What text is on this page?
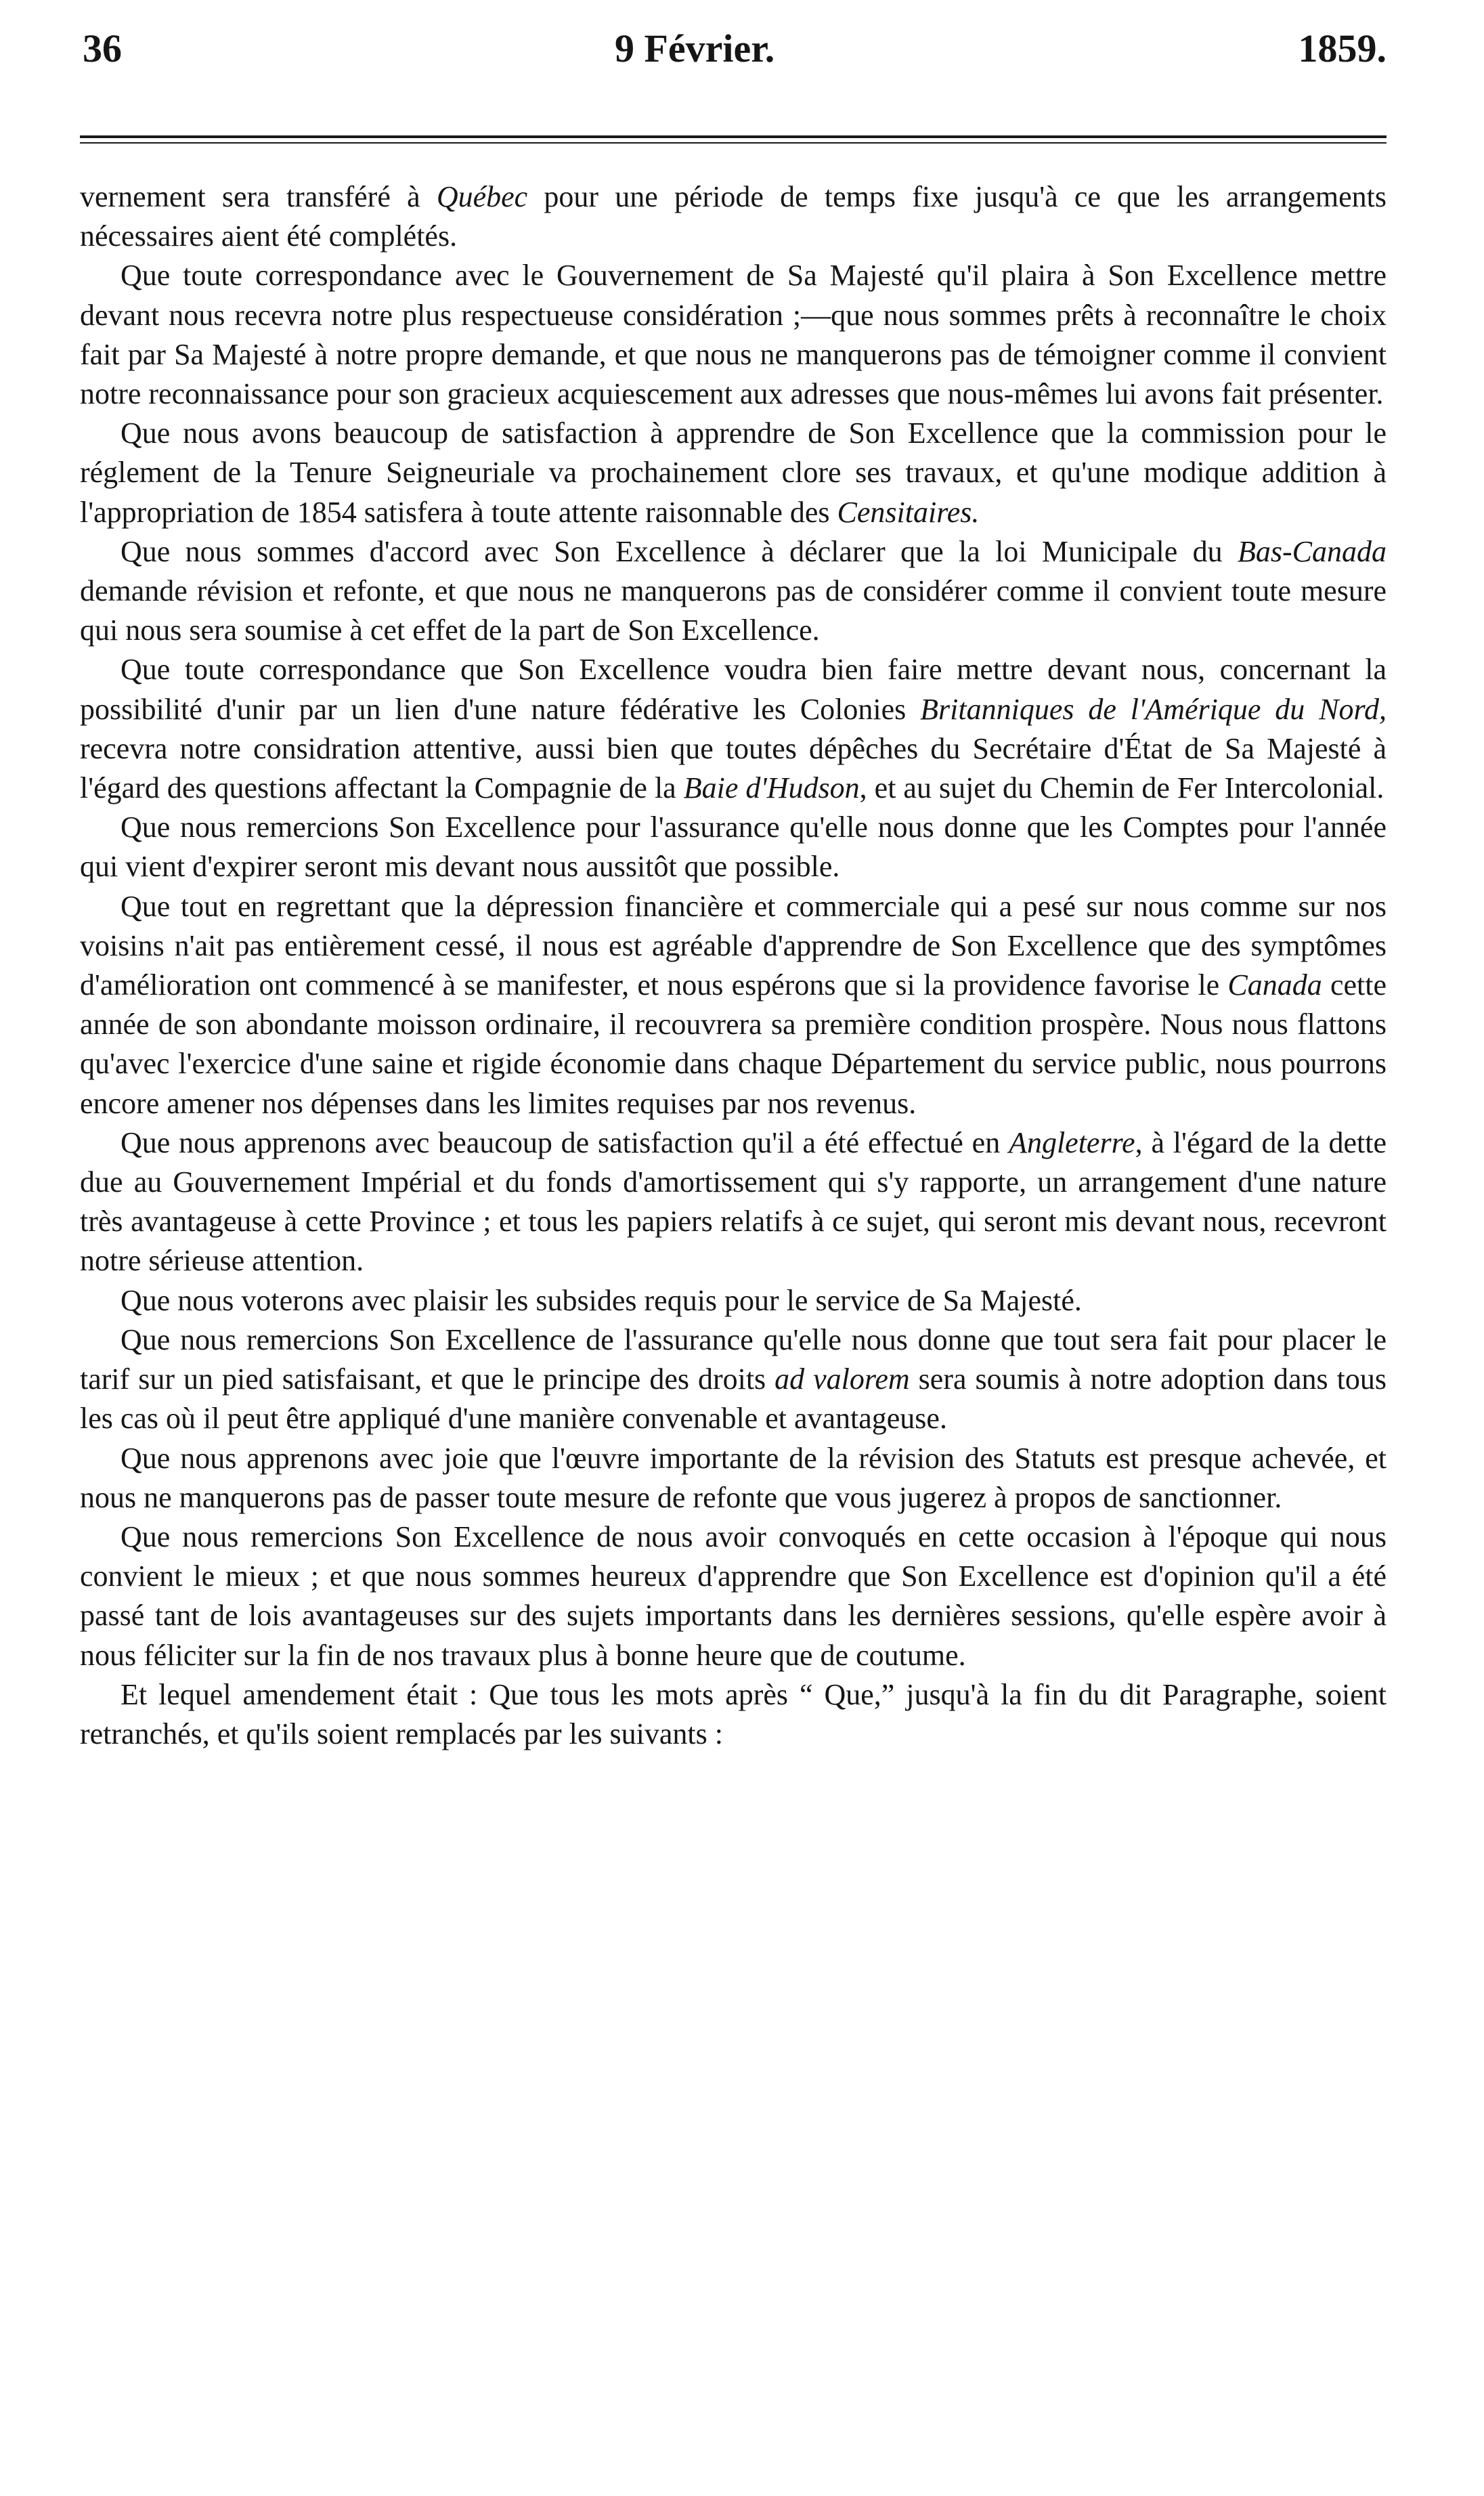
36	9 Février.	1859.

vernement sera transféré à Québec pour une période de temps fixe jusqu'à ce que les arrangements nécessaires aient été complétés.

Que toute correspondance avec le Gouvernement de Sa Majesté qu'il plaira à Son Excellence mettre devant nous recevra notre plus respectueuse considération ;—que nous sommes prêts à reconnaître le choix fait par Sa Majesté à notre propre demande, et que nous ne manquerons pas de témoigner comme il convient notre reconnaissance pour son gracieux acquiescement aux adresses que nous-mêmes lui avons fait présenter.

Que nous avons beaucoup de satisfaction à apprendre de Son Excellence que la commission pour le réglement de la Tenure Seigneuriale va prochainement clore ses travaux, et qu'une modique addition à l'appropriation de 1854 satisfera à toute attente raisonnable des Censitaires.

Que nous sommes d'accord avec Son Excellence à déclarer que la loi Municipale du Bas-Canada demande révision et refonte, et que nous ne manquerons pas de considérer comme il convient toute mesure qui nous sera soumise à cet effet de la part de Son Excellence.

Que toute correspondance que Son Excellence voudra bien faire mettre devant nous, concernant la possibilité d'unir par un lien d'une nature fédérative les Colonies Britanniques de l'Amérique du Nord, recevra notre considration attentive, aussi bien que toutes dépêches du Secrétaire d'État de Sa Majesté à l'égard des questions affectant la Compagnie de la Baie d'Hudson, et au sujet du Chemin de Fer Intercolonial.

Que nous remercions Son Excellence pour l'assurance qu'elle nous donne que les Comptes pour l'année qui vient d'expirer seront mis devant nous aussitôt que possible.

Que tout en regrettant que la dépression financière et commerciale qui a pesé sur nous comme sur nos voisins n'ait pas entièrement cessé, il nous est agréable d'apprendre de Son Excellence que des symptômes d'amélioration ont commencé à se manifester, et nous espérons que si la providence favorise le Canada cette année de son abondante moisson ordinaire, il recouvrera sa première condition prospère. Nous nous flattons qu'avec l'exercice d'une saine et rigide économie dans chaque Département du service public, nous pourrons encore amener nos dépenses dans les limites requises par nos revenus.

Que nous apprenons avec beaucoup de satisfaction qu'il a été effectué en Angleterre, à l'égard de la dette due au Gouvernement Impérial et du fonds d'amortissement qui s'y rapporte, un arrangement d'une nature très avantageuse à cette Province ; et tous les papiers relatifs à ce sujet, qui seront mis devant nous, recevront notre sérieuse attention.

Que nous voterons avec plaisir les subsides requis pour le service de Sa Majesté.

Que nous remercions Son Excellence de l'assurance qu'elle nous donne que tout sera fait pour placer le tarif sur un pied satisfaisant, et que le principe des droits ad valorem sera soumis à notre adoption dans tous les cas où il peut être appliqué d'une manière convenable et avantageuse.

Que nous apprenons avec joie que l'œuvre importante de la révision des Statuts est presque achevée, et nous ne manquerons pas de passer toute mesure de refonte que vous jugerez à propos de sanctionner.

Que nous remercions Son Excellence de nous avoir convoqués en cette occasion à l'époque qui nous convient le mieux ; et que nous sommes heureux d'apprendre que Son Excellence est d'opinion qu'il a été passé tant de lois avantageuses sur des sujets importants dans les dernières sessions, qu'elle espère avoir à nous féliciter sur la fin de nos travaux plus à bonne heure que de coutume.

Et lequel amendement était : Que tous les mots après “ Que,” jusqu'à la fin du dit Paragraphe, soient retranchés, et qu'ils soient remplacés par les suivants :
